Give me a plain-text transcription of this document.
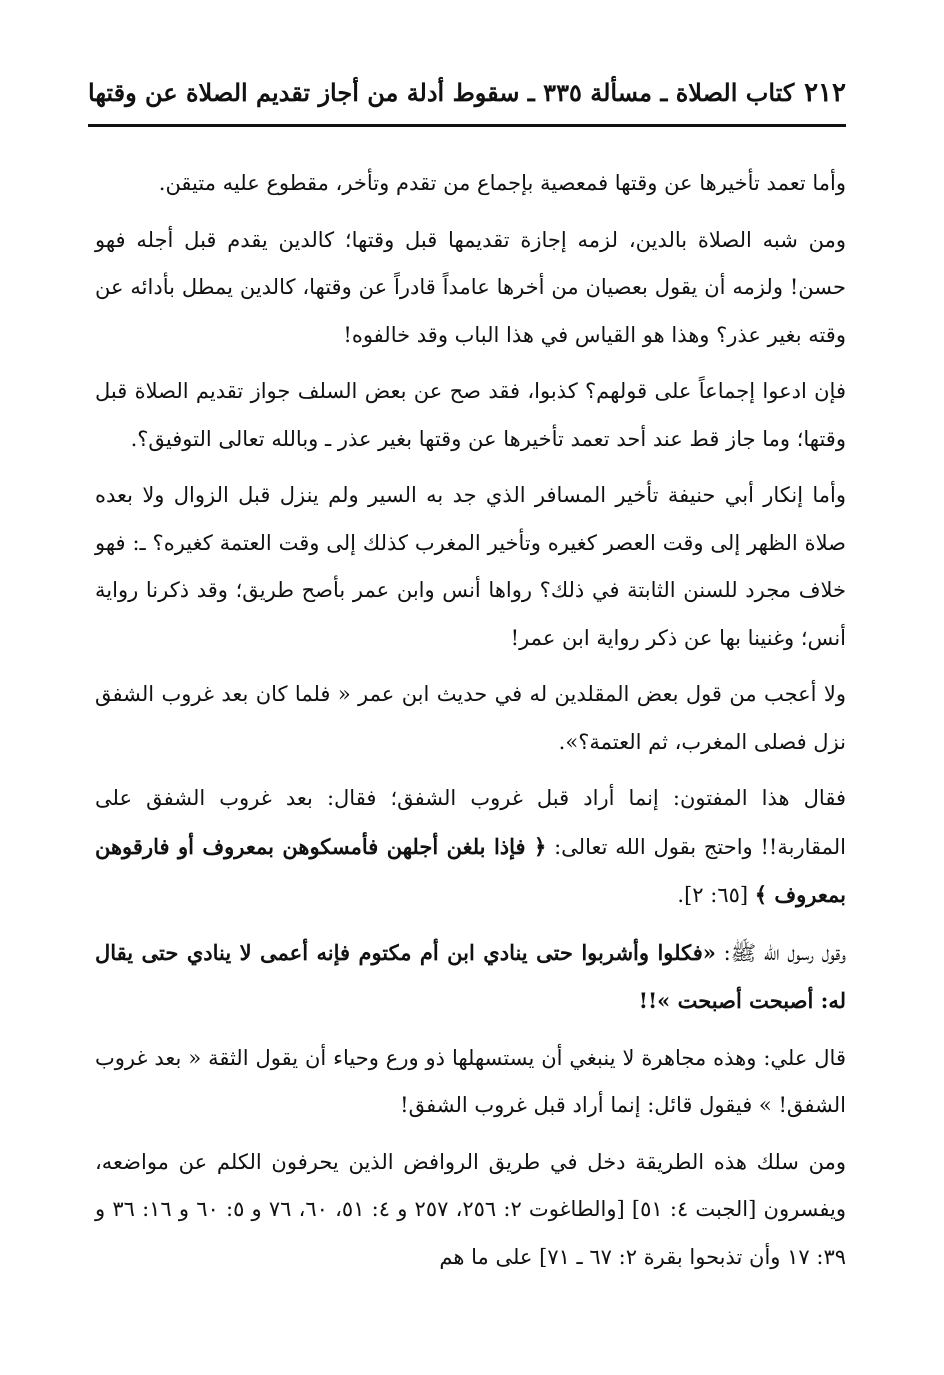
٢١٢
كتاب الصلاة ـ مسألة ٣٣٥ ـ سقوط أدلة من أجاز تقديم الصلاة عن وقتها

وأما تعمد تأخيرها عن وقتها فمعصية بإجماع من تقدم وتأخر، مقطوع عليه متيقن.

ومن شبه الصلاة بالدين، لزمه إجازة تقديمها قبل وقتها؛ كالدين يقدم قبل أجله فهو حسن! ولزمه أن يقول بعصيان من أخرها عامداً قادراً عن وقتها، كالدين يمطل بأدائه عن وقته بغير عذر؟ وهذا هو القياس في هذا الباب وقد خالفوه!

فإن ادعوا إجماعاً على قولهم؟ كذبوا، فقد صح عن بعض السلف جواز تقديم الصلاة قبل وقتها؛ وما جاز قط عند أحد تعمد تأخيرها عن وقتها بغير عذر ـ وبالله تعالى التوفيق؟.

وأما إنكار أبي حنيفة تأخير المسافر الذي جد به السير ولم ينزل قبل الزوال ولا بعده صلاة الظهر إلى وقت العصر كغيره وتأخير المغرب كذلك إلى وقت العتمة كغيره؟ ـ: فهو خلاف مجرد للسنن الثابتة في ذلك؟ رواها أنس وابن عمر بأصح طريق؛ وقد ذكرنا رواية أنس؛ وغنينا بها عن ذكر رواية ابن عمر!

ولا أعجب من قول بعض المقلدين له في حديث ابن عمر « فلما كان بعد غروب الشفق نزل فصلى المغرب، ثم العتمة؟».

فقال هذا المفتون: إنما أراد قبل غروب الشفق؛ فقال: بعد غروب الشفق على المقاربة!! واحتج بقول الله تعالى: ﴿ فإذا بلغن أجلهن فأمسكوهن بمعروف أو فارقوهن بمعروف ﴾ [٦٥: ٢].

وقول رسول الله ﷺ: «فكلوا وأشربوا حتى ينادي ابن أم مكتوم فإنه أعمى لا ينادي حتى يقال له: أصبحت أصبحت »!!

قال علي: وهذه مجاهرة لا ينبغي أن يستسهلها ذو ورع وحياء أن يقول الثقة « بعد غروب الشفق! » فيقول قائل: إنما أراد قبل غروب الشفق!

ومن سلك هذه الطريقة دخل في طريق الروافض الذين يحرفون الكلم عن مواضعه، ويفسرون [الجبت ٤: ٥١] [والطاغوت ٢: ٢٥٦، ٢٥٧ و ٤: ٥١، ٦٠، ٧٦ و ٥: ٦٠ و ١٦: ٣٦ و ٣٩: ١٧ وأن تذبحوا بقرة ٢: ٦٧ ـ ٧١] على ما هم
